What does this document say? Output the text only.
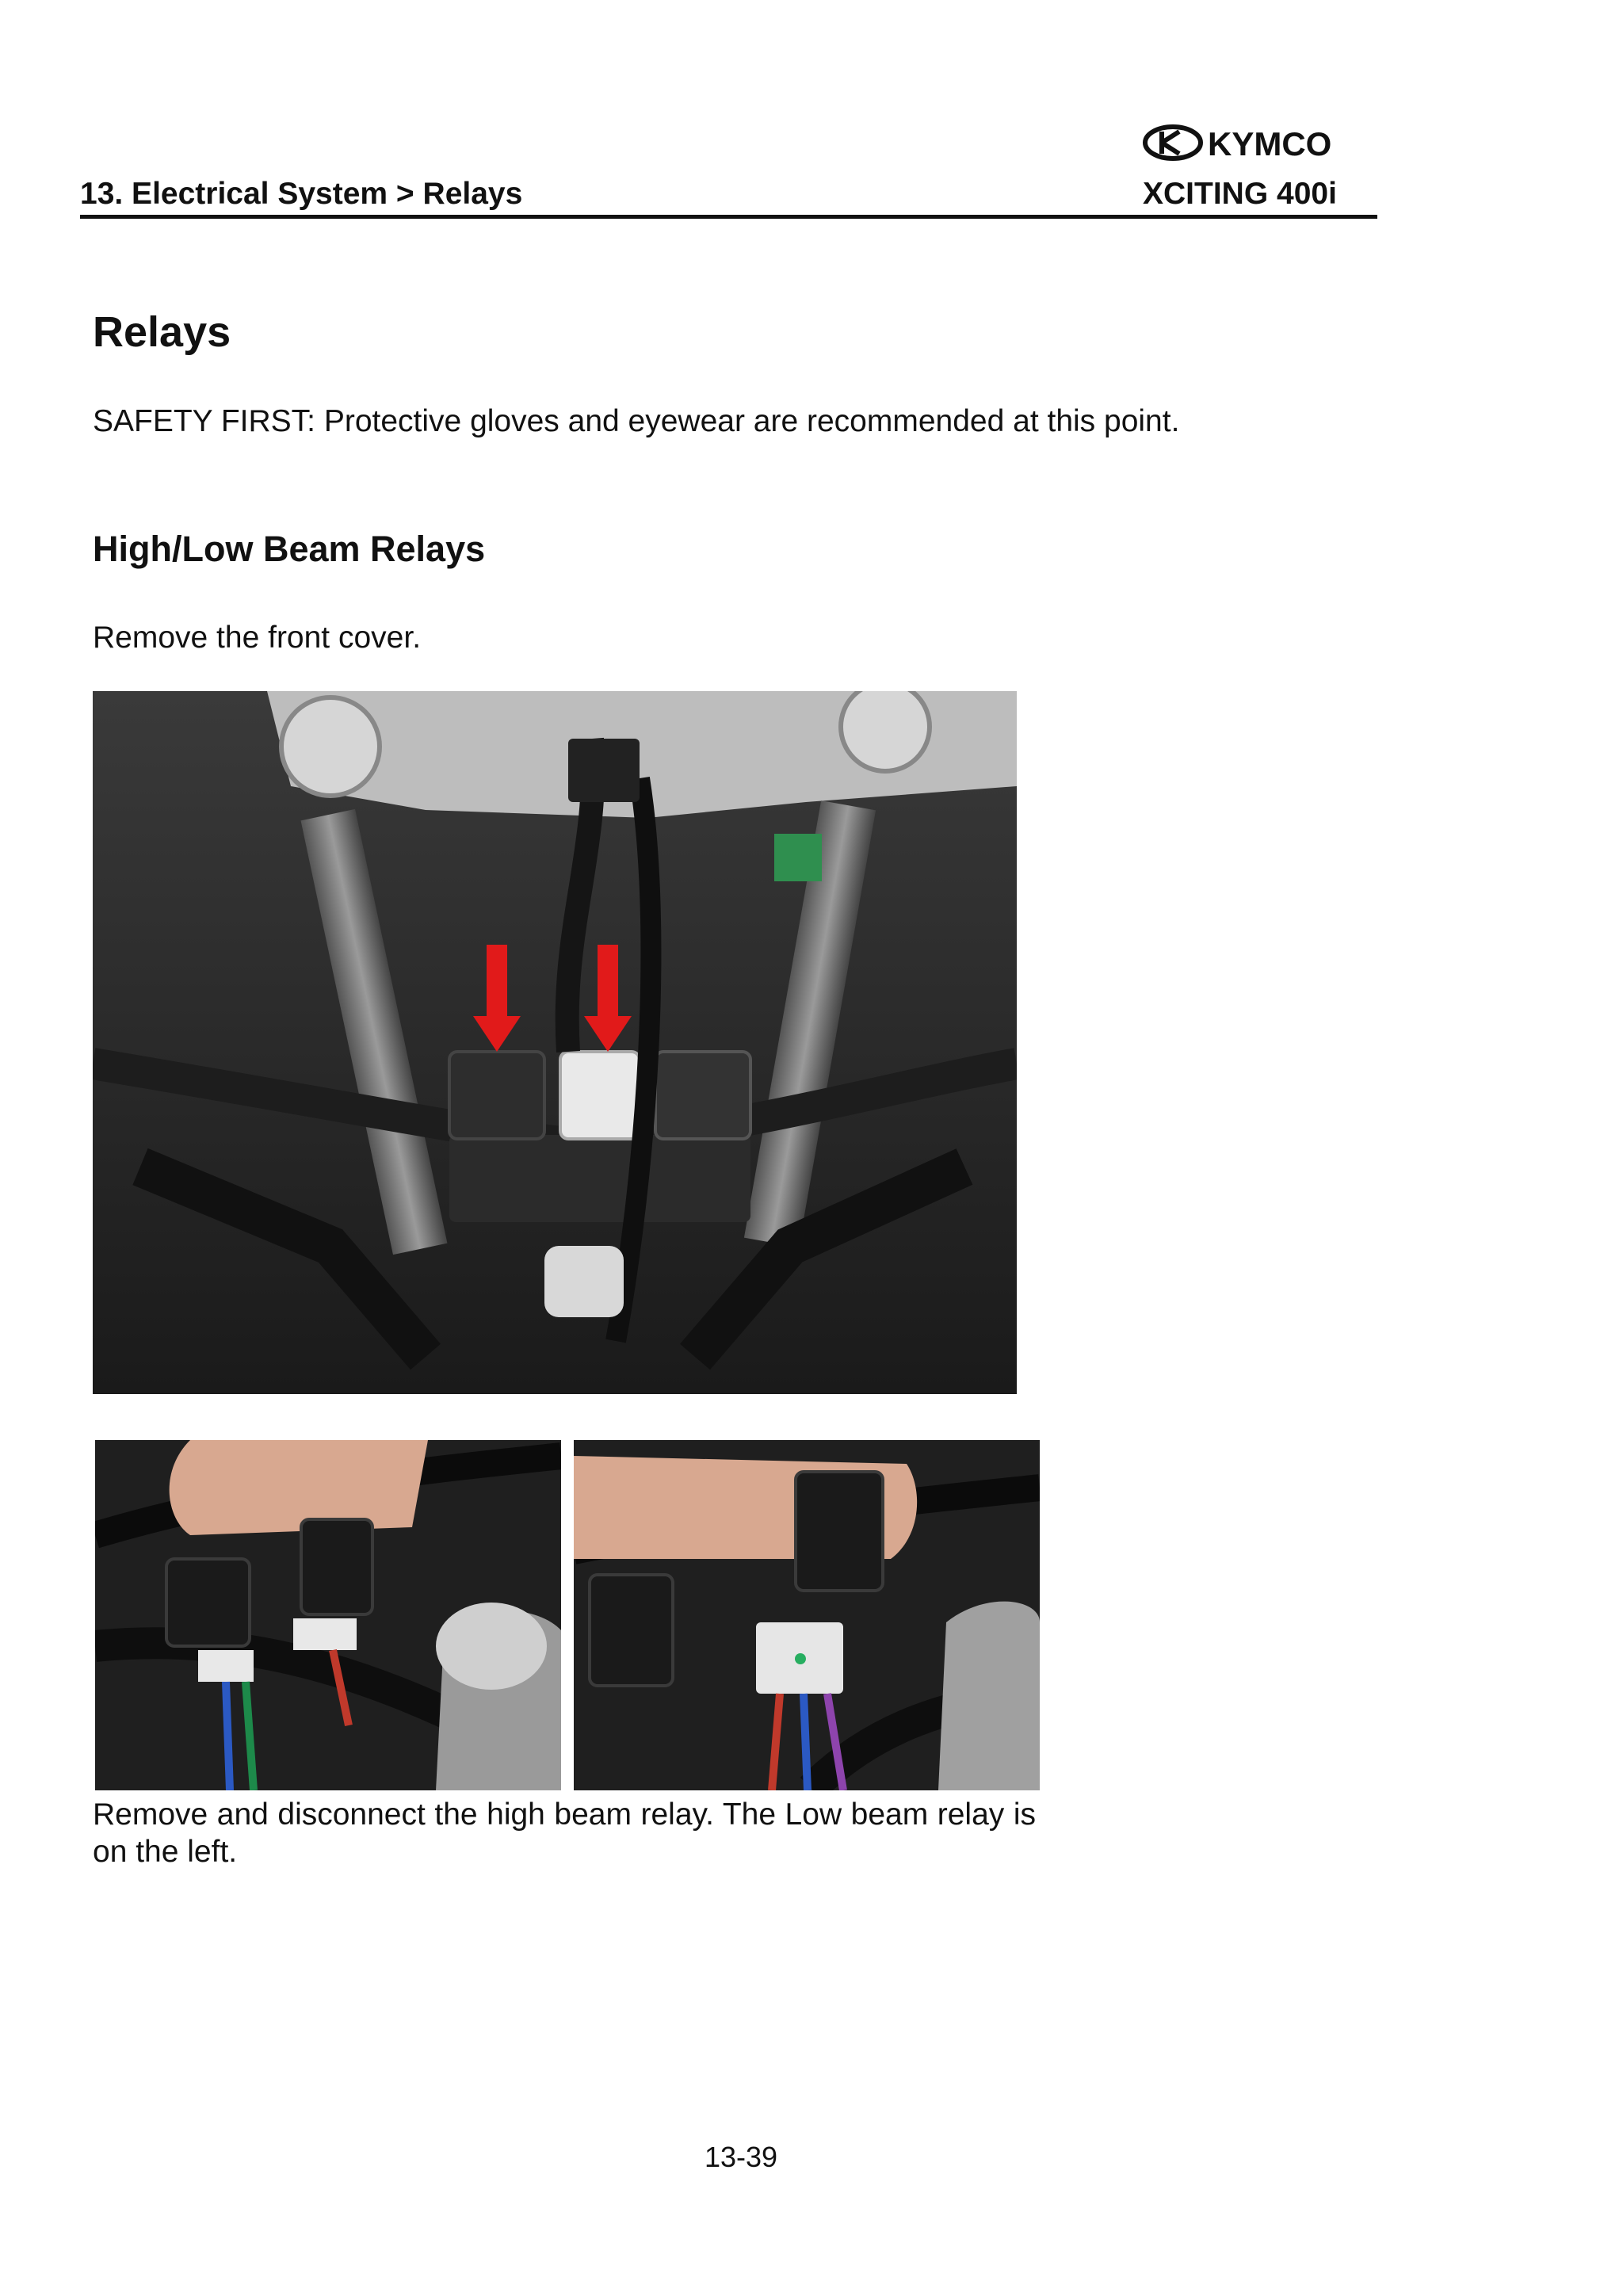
KYMCO
13. Electrical System > Relays	XCITING 400i
Relays
SAFETY FIRST: Protective gloves and eyewear are recommended at this point.
High/Low Beam Relays
Remove the front cover.
Remove and disconnect the high beam relay. The Low beam relay is on the left.
13-39
